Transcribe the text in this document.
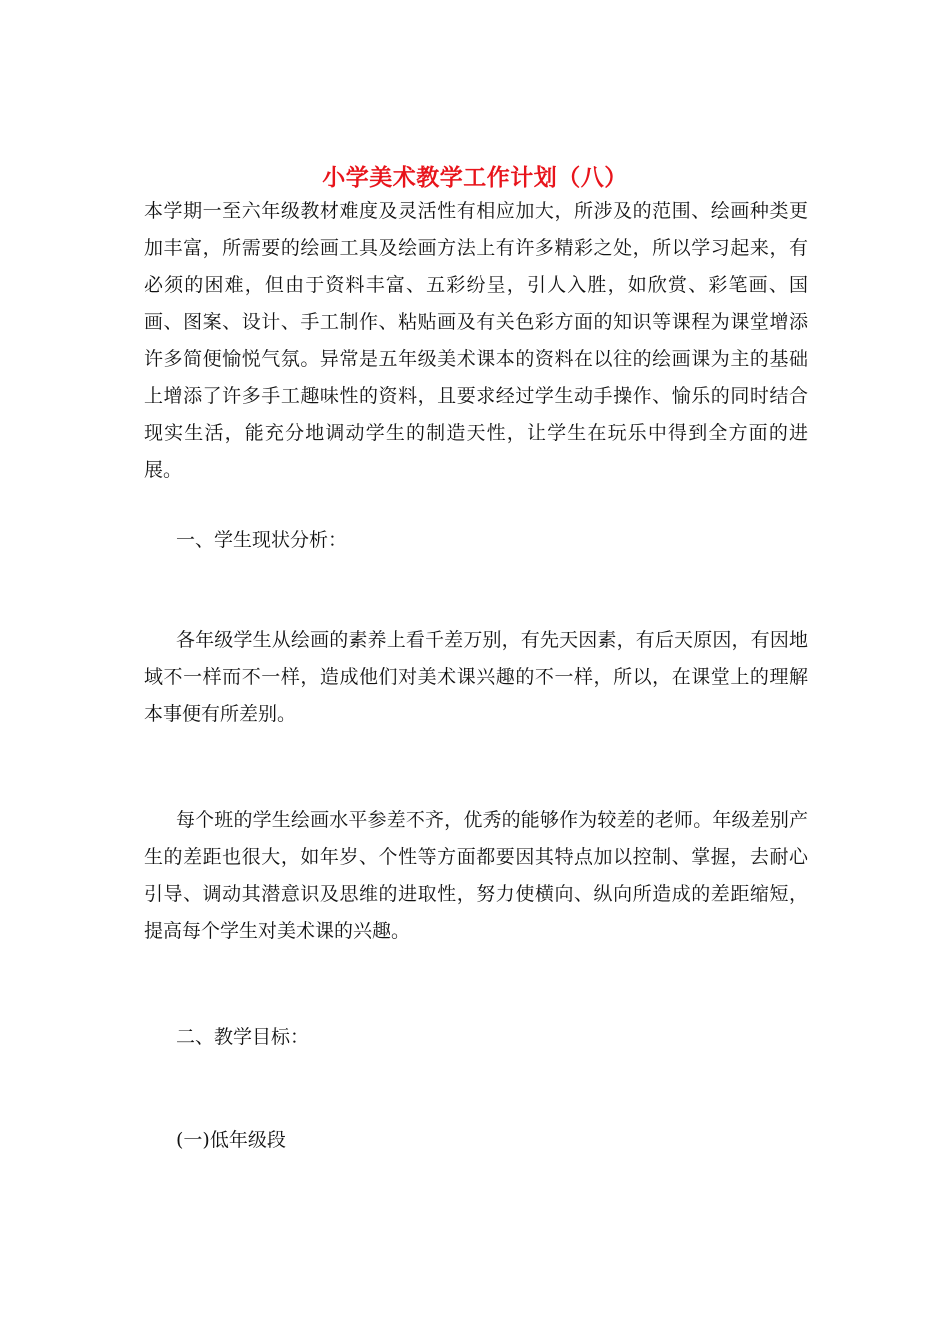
小学美术教学工作计划（八）

本学期一至六年级教材难度及灵活性有相应加大，所涉及的范围、绘画种类更加丰富，所需要的绘画工具及绘画方法上有许多精彩之处，所以学习起来，有必须的困难，但由于资料丰富、五彩纷呈，引人入胜，如欣赏、彩笔画、国画、图案、设计、手工制作、粘贴画及有关色彩方面的知识等课程为课堂增添许多简便愉悦气氛。异常是五年级美术课本的资料在以往的绘画课为主的基础上增添了许多手工趣味性的资料，且要求经过学生动手操作、愉乐的同时结合现实生活，能充分地调动学生的制造天性，让学生在玩乐中得到全方面的进展。

一、学生现状分析：

各年级学生从绘画的素养上看千差万别，有先天因素，有后天原因，有因地域不一样而不一样，造成他们对美术课兴趣的不一样，所以，在课堂上的理解本事便有所差别。

每个班的学生绘画水平参差不齐，优秀的能够作为较差的老师。年级差别产生的差距也很大，如年岁、个性等方面都要因其特点加以控制、掌握，去耐心引导、调动其潜意识及思维的进取性，努力使横向、纵向所造成的差距缩短，提高每个学生对美术课的兴趣。

二、教学目标：

(一)低年级段
